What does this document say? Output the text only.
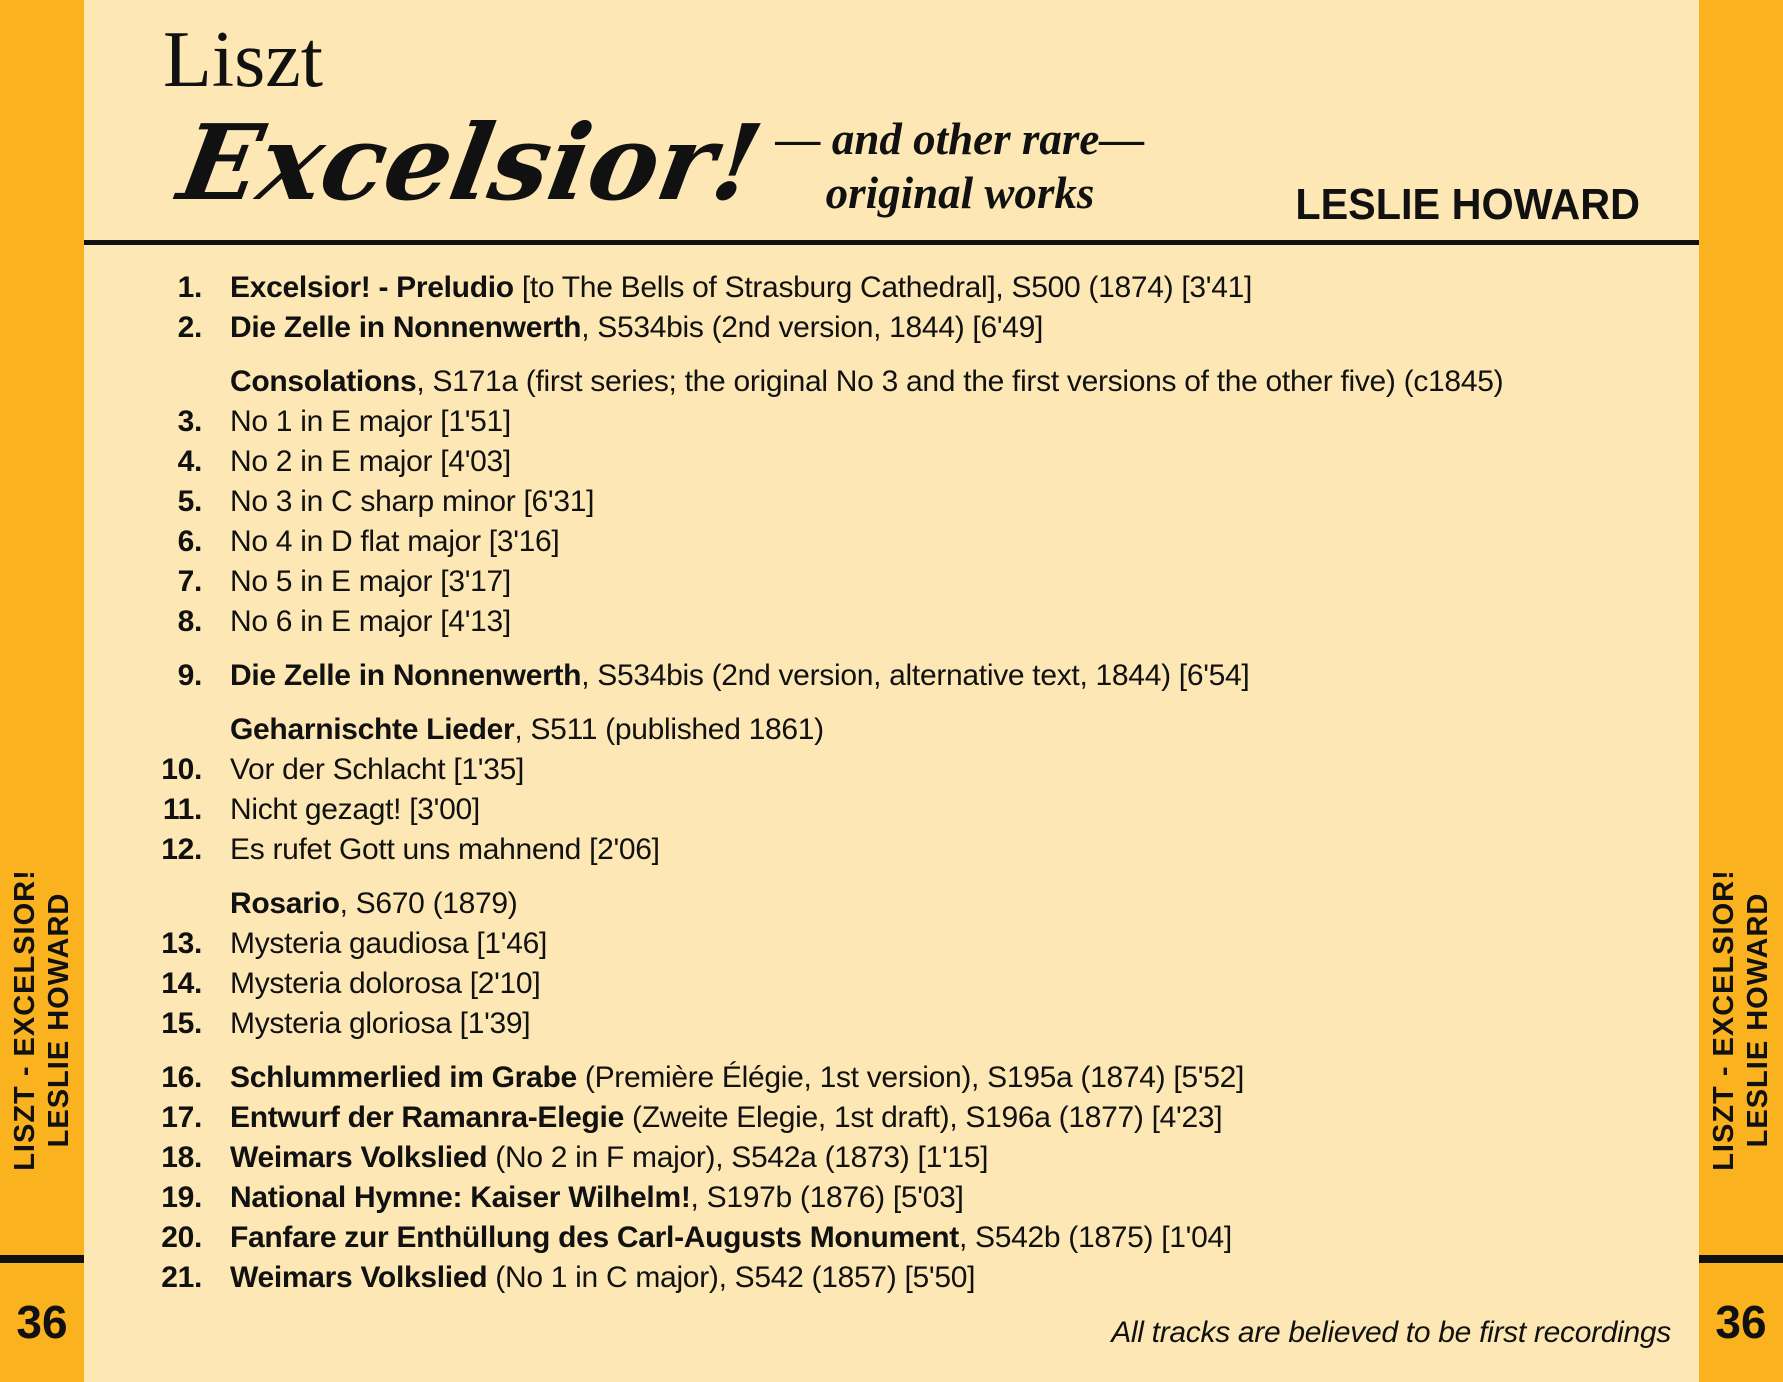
LISZT - EXCELSIOR! LESLIE HOWARD
36
LISZT - EXCELSIOR! LESLIE HOWARD
36
Liszt
Excelsior! — and other rare—
original works	LESLIE HOWARD
1. Excelsior! - Preludio [to The Bells of Strasburg Cathedral], S500 (1874) [3'41]
2. Die Zelle in Nonnenwerth, S534bis (2nd version, 1844) [6'49]
Consolations, S171a (first series; the original No 3 and the first versions of the other five) (c1845)
3. No 1 in E major [1'51]
4. No 2 in E major [4'03]
5. No 3 in C sharp minor [6'31]
6. No 4 in D flat major [3'16]
7. No 5 in E major [3'17]
8. No 6 in E major [4'13]
9. Die Zelle in Nonnenwerth, S534bis (2nd version, alternative text, 1844) [6'54]
Geharnischte Lieder, S511 (published 1861)
10. Vor der Schlacht [1'35]
11. Nicht gezagt! [3'00]
12. Es rufet Gott uns mahnend [2'06]
Rosario, S670 (1879)
13. Mysteria gaudiosa [1'46]
14. Mysteria dolorosa [2'10]
15. Mysteria gloriosa [1'39]
16. Schlummerlied im Grabe (Première Élégie, 1st version), S195a (1874) [5'52]
17. Entwurf der Ramanra-Elegie (Zweite Elegie, 1st draft), S196a (1877) [4'23]
18. Weimars Volkslied (No 2 in F major), S542a (1873) [1'15]
19. National Hymne: Kaiser Wilhelm!, S197b (1876) [5'03]
20. Fanfare zur Enthüllung des Carl-Augusts Monument, S542b (1875) [1'04]
21. Weimars Volkslied (No 1 in C major), S542 (1857) [5'50]
All tracks are believed to be first recordings
